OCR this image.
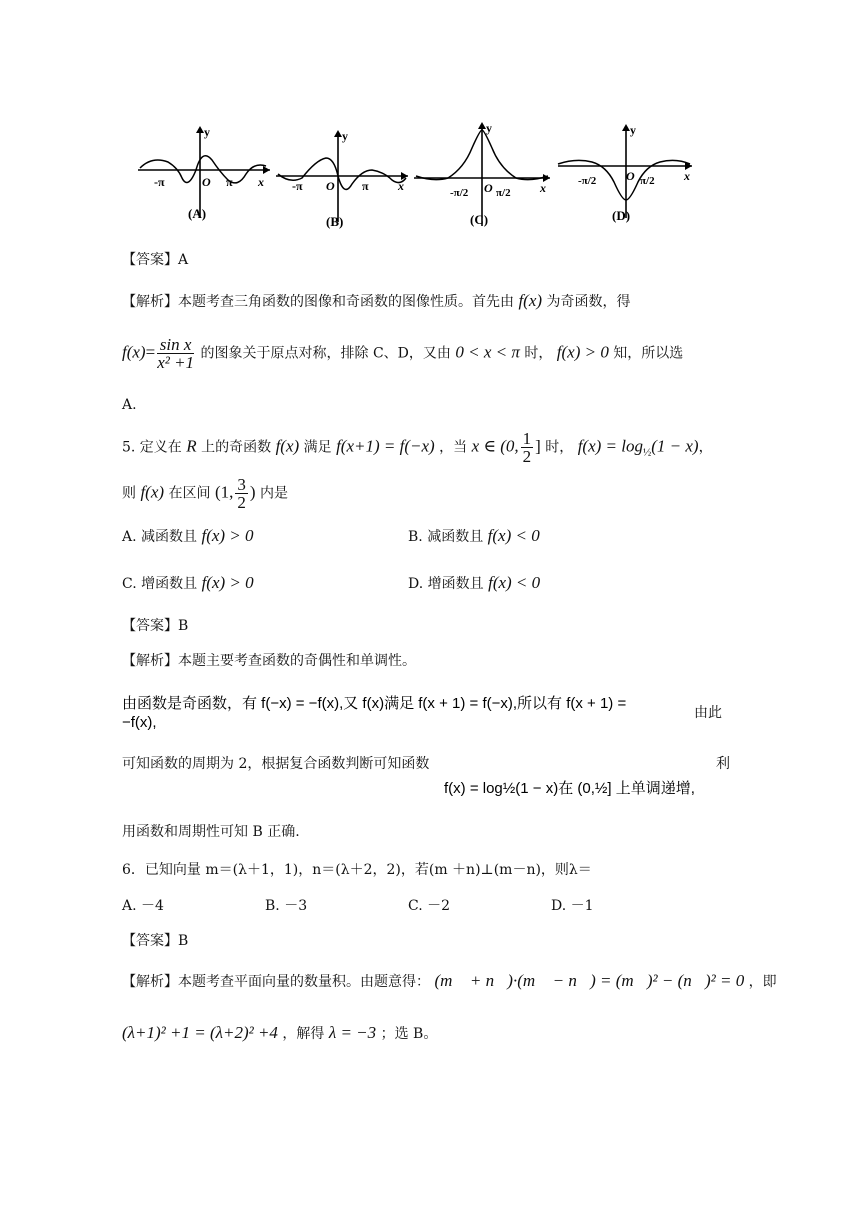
y
-π	O π x
(A)
y
-π O π x
(B)
y
-π/2 O π/2 x
(C)
y
-π/2 O π/2 x
(D)
【答案】A
【解析】本题考查三角函数的图像和奇函数的图像性质。首先由 f(x) 为奇函数，得
$f(x)= \frac{\text{sin x}}{\text{x² +1}}$ 的图象关于原点对称，排除 C、D，又由 0 < x < π 时， f(x) > 0 知，所以选
A.
5. 定义在 R 上的奇函数 f(x) 满足 f(x+1) = f(−x) ，当 x ∈ (0, $\frac{1}{2}$ ] 时， $f(x) = \log_{\frac{1}{2}}(1 - x)$，
则 f(x) 在区间 (1, $\frac{3}{2}$ ) 内是
A. 减函数且 f(x) > 0	B. 减函数且 f(x) < 0
C. 增函数且 f(x) > 0	D. 增函数且 f(x) < 0
【答案】B
【解析】本题主要考查函数的奇偶性和单调性。
由函数是奇函数，有 f(−x) = −f(x),又 f(x)满足 f(x + 1) = f(−x),所以有 f(x + 1) =
−f(x),
由此
可知函数的周期为 2，根据复合函数判断可知函数	利
f(x) = log½(1 − x)在 (0,½] 上单调递增,
用函数和周期性可知 B 正确.
6．已知向量 m＝(λ＋1，1)，n＝(λ＋2，2)，若(m ＋n)⊥(m－n)，则λ＝
A. －4	B. －3	C. －2	D. －1
【答案】B
【解析】本题考查平面向量的数量积。由题意得： (m⃗ + n⃗)·(m⃗ − n⃗) = (m⃗)² − (n⃗)² = 0 ，即
(λ+1)² +1 = (λ+2)² +4 ，解得 λ = −3 ；选 B。
